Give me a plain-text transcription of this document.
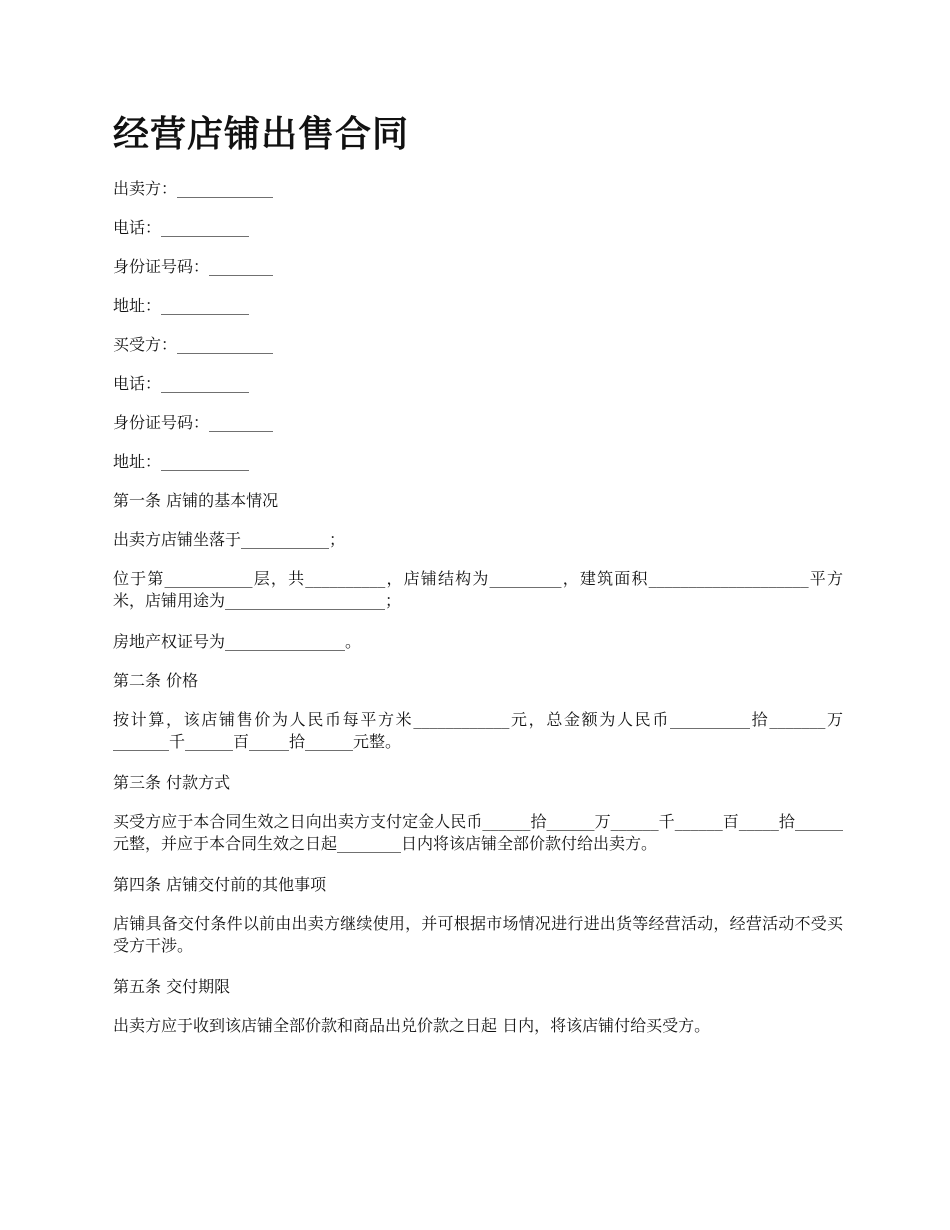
经营店铺出售合同

出卖方：____________

电话：___________

身份证号码：________

地址：___________

买受方：____________

电话：___________

身份证号码：________

地址：___________

第一条 店铺的基本情况

出卖方店铺坐落于___________；

位于第___________层，共__________，店铺结构为_________，建筑面积____________________平方米，店铺用途为____________________；

房地产权证号为_______________。

第二条 价格

按计算，该店铺售价为人民币每平方米____________元，总金额为人民币__________拾_______万_______千______百_____拾______元整。

第三条 付款方式

买受方应于本合同生效之日向出卖方支付定金人民币______拾______万______千______百_____拾______元整，并应于本合同生效之日起________日内将该店铺全部价款付给出卖方。

第四条 店铺交付前的其他事项

店铺具备交付条件以前由出卖方继续使用，并可根据市场情况进行进出货等经营活动，经营活动不受买受方干涉。

第五条 交付期限

出卖方应于收到该店铺全部价款和商品出兑价款之日起 日内，将该店铺付给买受方。
